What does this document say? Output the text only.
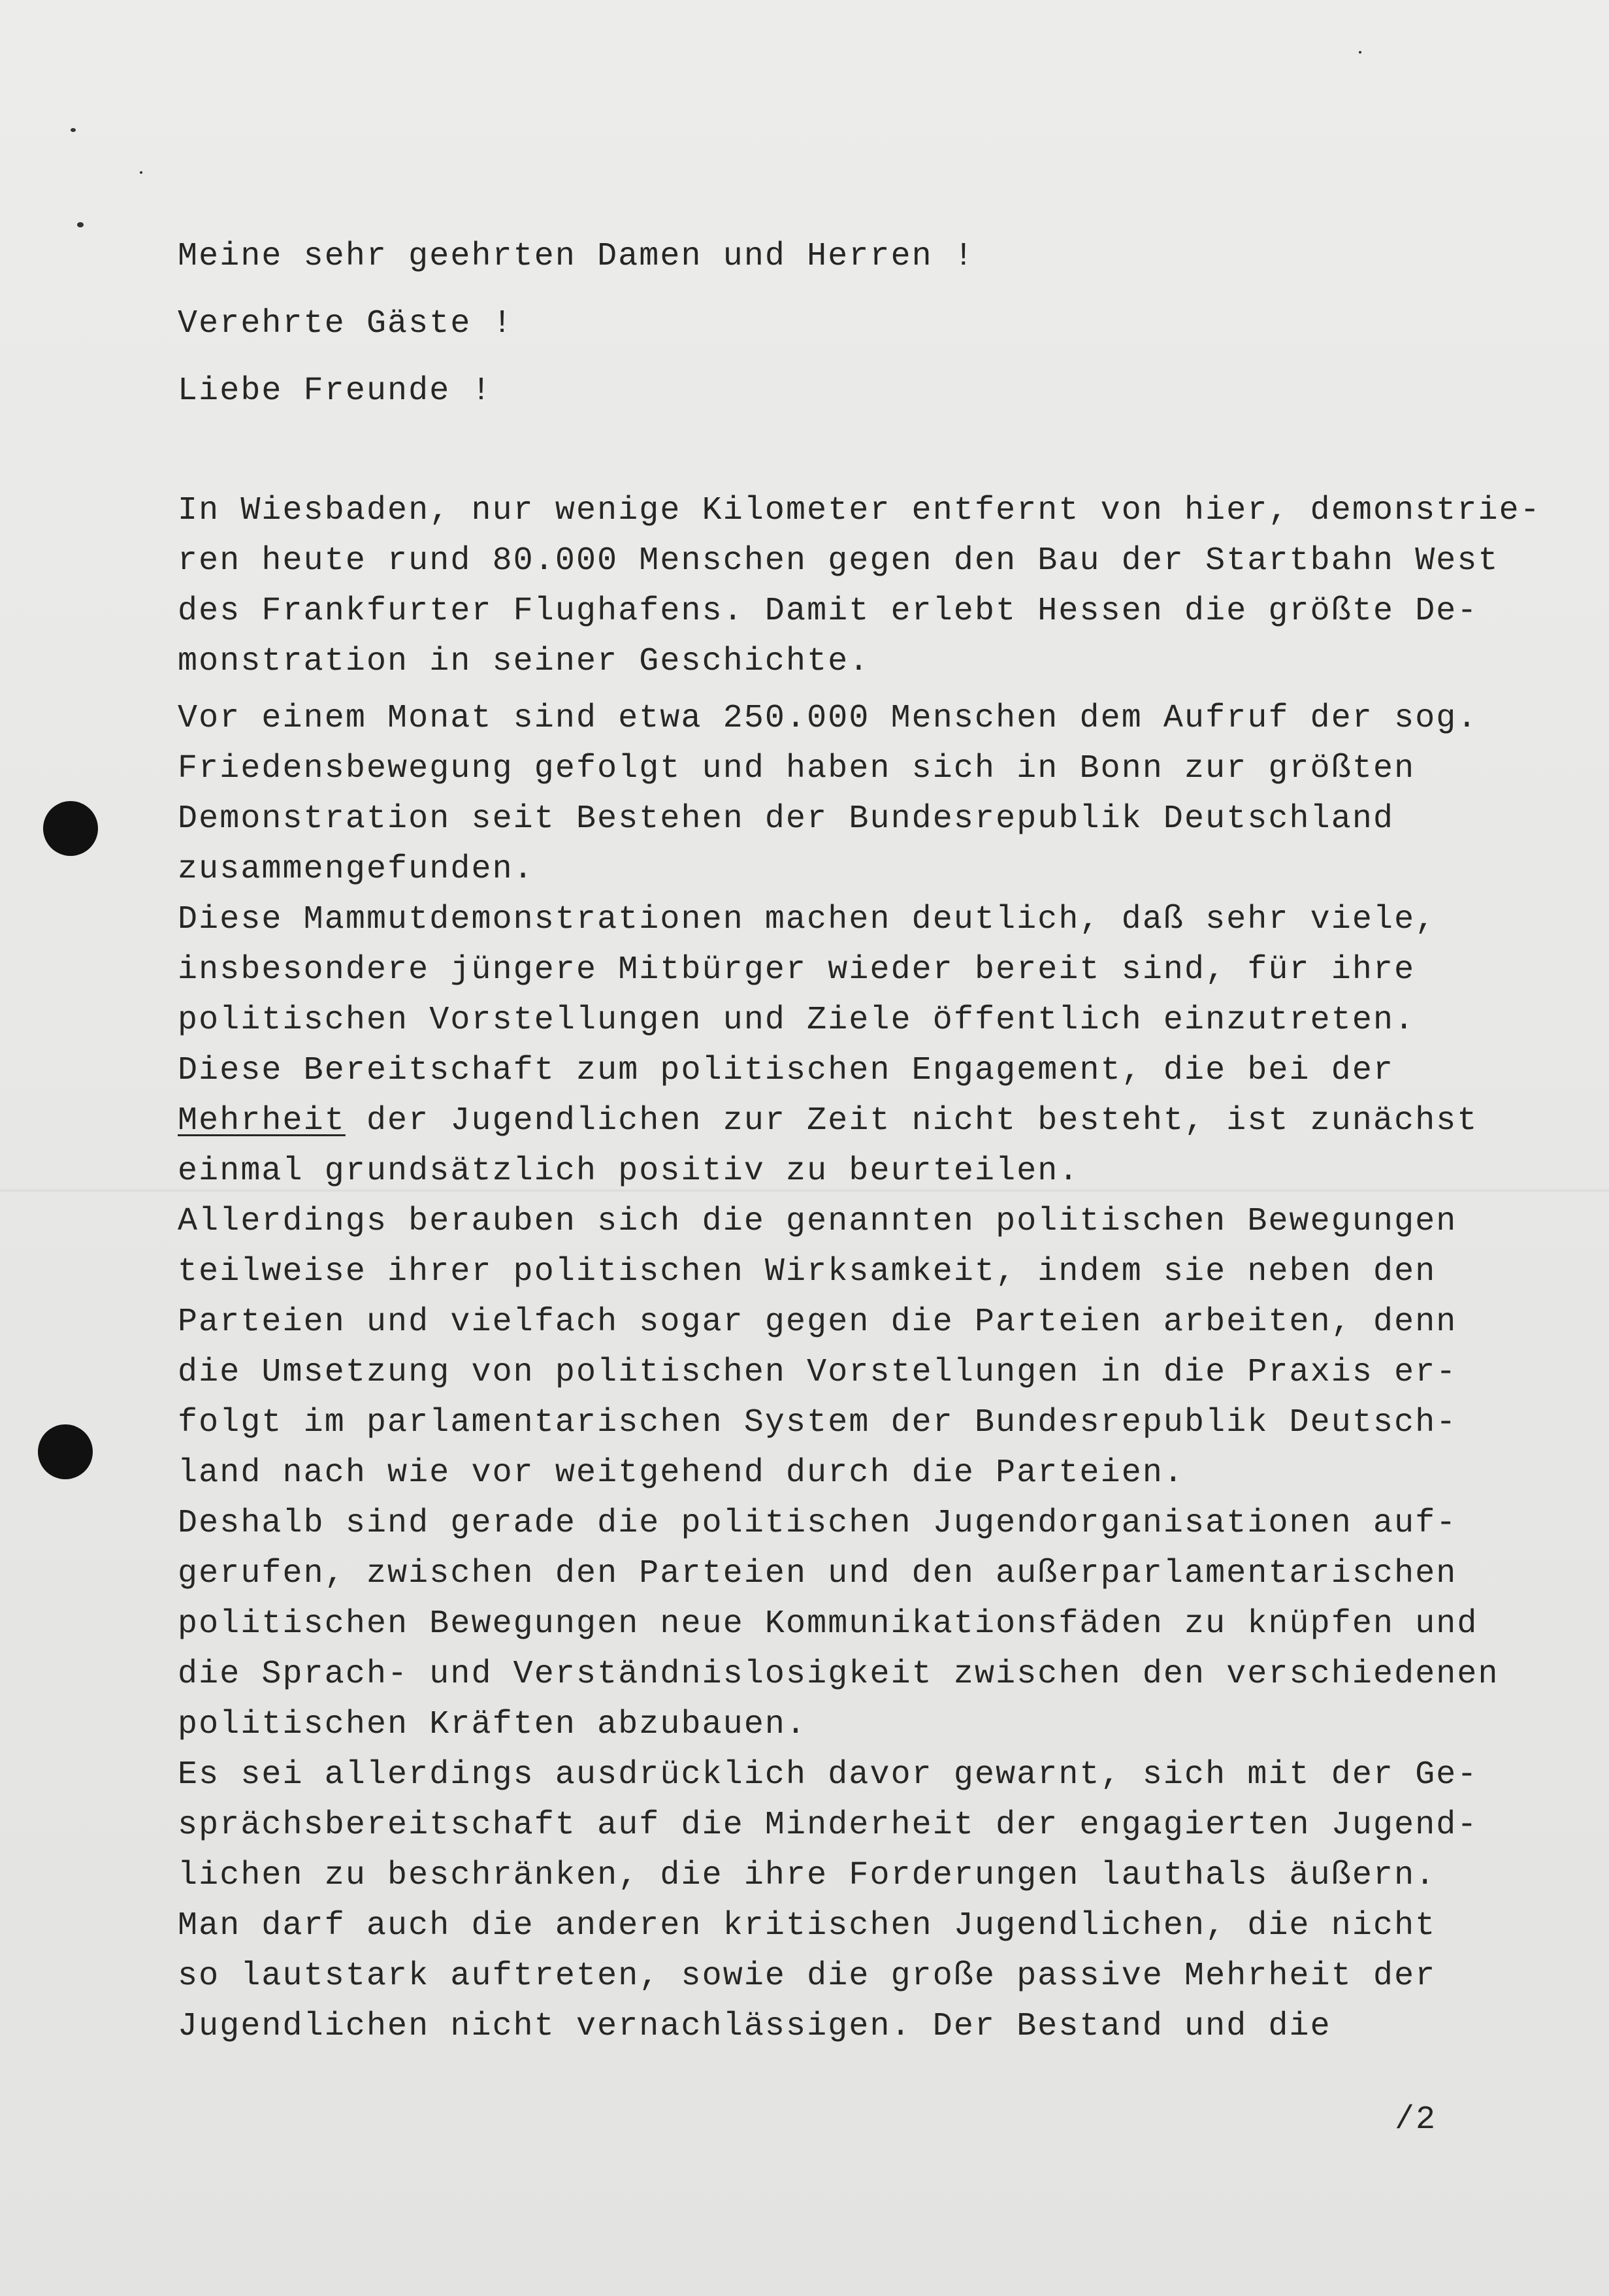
Meine sehr geehrten Damen und Herren !
Verehrte Gäste !
Liebe Freunde !
In Wiesbaden, nur wenige Kilometer entfernt von hier, demonstrie-
ren heute rund 80.000 Menschen gegen den Bau der Startbahn West
des Frankfurter Flughafens. Damit erlebt Hessen die größte De-
monstration in seiner Geschichte.
Vor einem Monat sind etwa 250.000 Menschen dem Aufruf der sog.
Friedensbewegung gefolgt und haben sich in Bonn zur größten
Demonstration seit Bestehen der Bundesrepublik Deutschland
zusammengefunden.
Diese Mammutdemonstrationen machen deutlich, daß sehr viele,
insbesondere jüngere Mitbürger wieder bereit sind, für ihre
politischen Vorstellungen und Ziele öffentlich einzutreten.
Diese Bereitschaft zum politischen Engagement, die bei der
Mehrheit der Jugendlichen zur Zeit nicht besteht, ist zunächst
einmal grundsätzlich positiv zu beurteilen.
Allerdings berauben sich die genannten politischen Bewegungen
teilweise ihrer politischen Wirksamkeit, indem sie neben den
Parteien und vielfach sogar gegen die Parteien arbeiten, denn
die Umsetzung von politischen Vorstellungen in die Praxis er-
folgt im parlamentarischen System der Bundesrepublik Deutsch-
land nach wie vor weitgehend durch die Parteien.
Deshalb sind gerade die politischen Jugendorganisationen auf-
gerufen, zwischen den Parteien und den außerparlamentarischen
politischen Bewegungen neue Kommunikationsfäden zu knüpfen und
die Sprach- und Verständnislosigkeit zwischen den verschiedenen
politischen Kräften abzubauen.
Es sei allerdings ausdrücklich davor gewarnt, sich mit der Ge-
sprächsbereitschaft auf die Minderheit der engagierten Jugend-
lichen zu beschränken, die ihre Forderungen lauthals äußern.
Man darf auch die anderen kritischen Jugendlichen, die nicht
so lautstark auftreten, sowie die große passive Mehrheit der
Jugendlichen nicht vernachlässigen. Der Bestand und die
/2
